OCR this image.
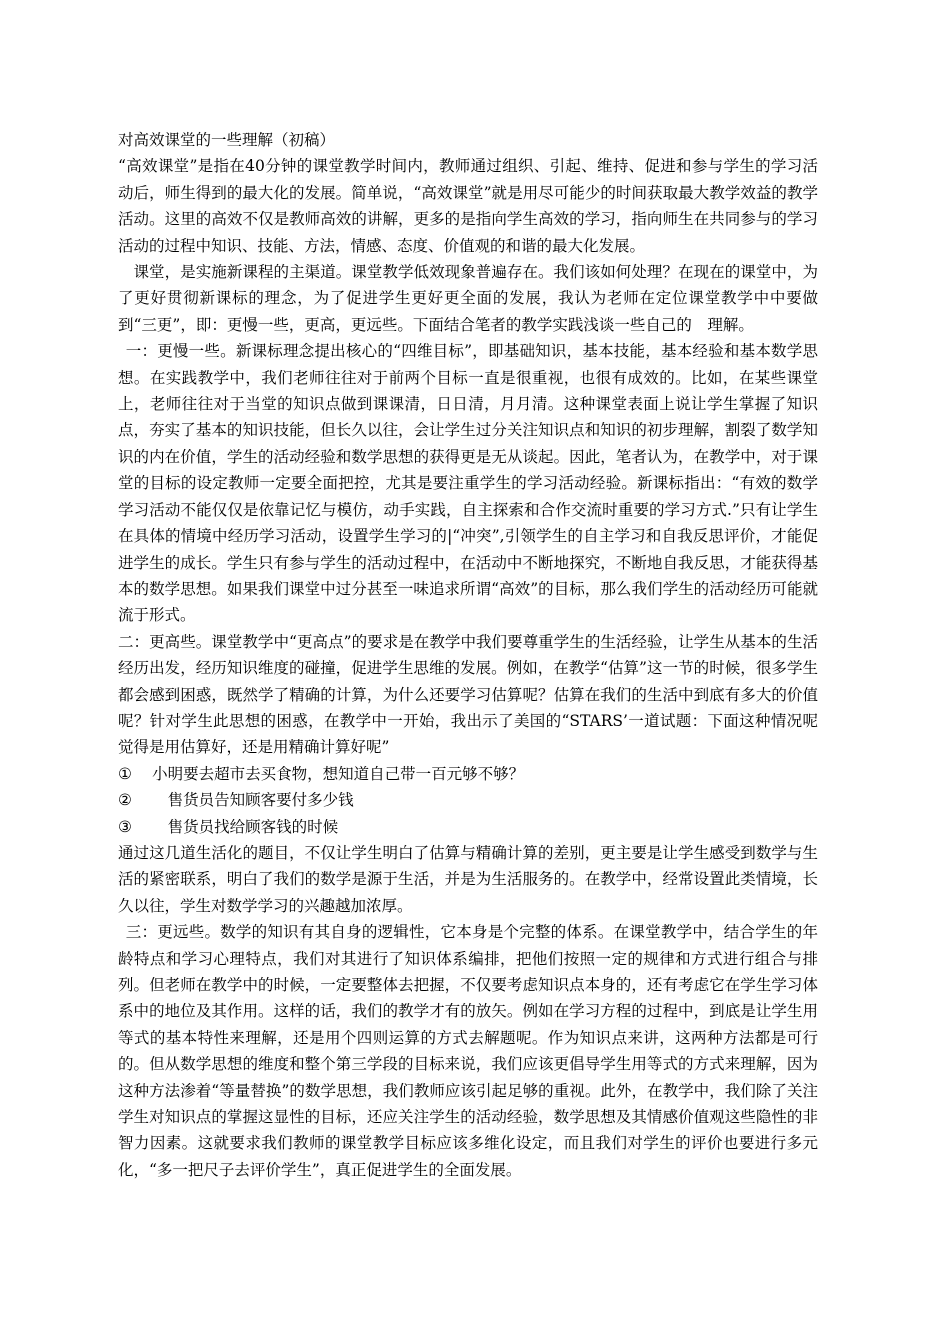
对高效课堂的一些理解（初稿）

“高效课堂”是指在40分钟的课堂教学时间内，教师通过组织、引起、维持、促进和参与学生的学习活动后，师生得到的最大化的发展。简单说，“高效课堂”就是用尽可能少的时间获取最大教学效益的教学活动。这里的高效不仅是教师高效的讲解，更多的是指向学生高效的学习，指向师生在共同参与的学习活动的过程中知识、技能、方法，情感、态度、价值观的和谐的最大化发展。

课堂，是实施新课程的主渠道。课堂教学低效现象普遍存在。我们该如何处理？在现在的课堂中，为了更好贯彻新课标的理念，为了促进学生更好更全面的发展，我认为老师在定位课堂教学中中要做到“三更”，即：更慢一些，更高，更远些。下面结合笔者的教学实践浅谈一些自己的　理解。

一：更慢一些。新课标理念提出核心的“四维目标”，即基础知识，基本技能，基本经验和基本数学思想。在实践教学中，我们老师往往对于前两个目标一直是很重视，也很有成效的。比如，在某些课堂上，老师往往对于当堂的知识点做到课课清，日日清，月月清。这种课堂表面上说让学生掌握了知识点，夯实了基本的知识技能，但长久以往，会让学生过分关注知识点和知识的初步理解，割裂了数学知识的内在价值，学生的活动经验和数学思想的获得更是无从谈起。因此，笔者认为，在教学中，对于课堂的目标的设定教师一定要全面把控，尤其是要注重学生的学习活动经验。新课标指出：“有效的数学学习活动不能仅仅是依靠记忆与模仿，动手实践，自主探索和合作交流时重要的学习方式.”只有让学生在具体的情境中经历学习活动，设置学生学习的|“冲突”,引领学生的自主学习和自我反思评价，才能促进学生的成长。学生只有参与学生的活动过程中，在活动中不断地探究，不断地自我反思，才能获得基本的数学思想。如果我们课堂中过分甚至一味追求所谓“高效”的目标，那么我们学生的活动经历可能就流于形式。

二：更高些。课堂教学中“更高点”的要求是在教学中我们要尊重学生的生活经验，让学生从基本的生活经历出发，经历知识维度的碰撞，促进学生思维的发展。例如，在教学“估算”这一节的时候，很多学生都会感到困惑，既然学了精确的计算，为什么还要学习估算呢？估算在我们的生活中到底有多大的价值呢？针对学生此思想的困惑，在教学中一开始，我出示了美国的“STARS’一道试题：下面这种情况呢觉得是用估算好，还是用精确计算好呢”

① 小明要去超市去买食物，想知道自己带一百元够不够？

②　售货员告知顾客要付多少钱

③　售货员找给顾客钱的时候

通过这几道生活化的题目，不仅让学生明白了估算与精确计算的差别，更主要是让学生感受到数学与生活的紧密联系，明白了我们的数学是源于生活，并是为生活服务的。在教学中，经常设置此类情境，长久以往，学生对数学学习的兴趣越加浓厚。

三：更远些。数学的知识有其自身的逻辑性，它本身是个完整的体系。在课堂教学中，结合学生的年龄特点和学习心理特点，我们对其进行了知识体系编排，把他们按照一定的规律和方式进行组合与排列。但老师在教学中的时候，一定要整体去把握，不仅要考虑知识点本身的，还有考虑它在学生学习体系中的地位及其作用。这样的话，我们的教学才有的放矢。例如在学习方程的过程中，到底是让学生用等式的基本特性来理解，还是用个四则运算的方式去解题呢。作为知识点来讲，这两种方法都是可行的。但从数学思想的维度和整个第三学段的目标来说，我们应该更倡导学生用等式的方式来理解，因为这种方法渗着“等量替换”的数学思想，我们教师应该引起足够的重视。此外，在教学中，我们除了关注学生对知识点的掌握这显性的目标，还应关注学生的活动经验，数学思想及其情感价值观这些隐性的非智力因素。这就要求我们教师的课堂教学目标应该多维化设定，而且我们对学生的评价也要进行多元化，“多一把尺子去评价学生”，真正促进学生的全面发展。
